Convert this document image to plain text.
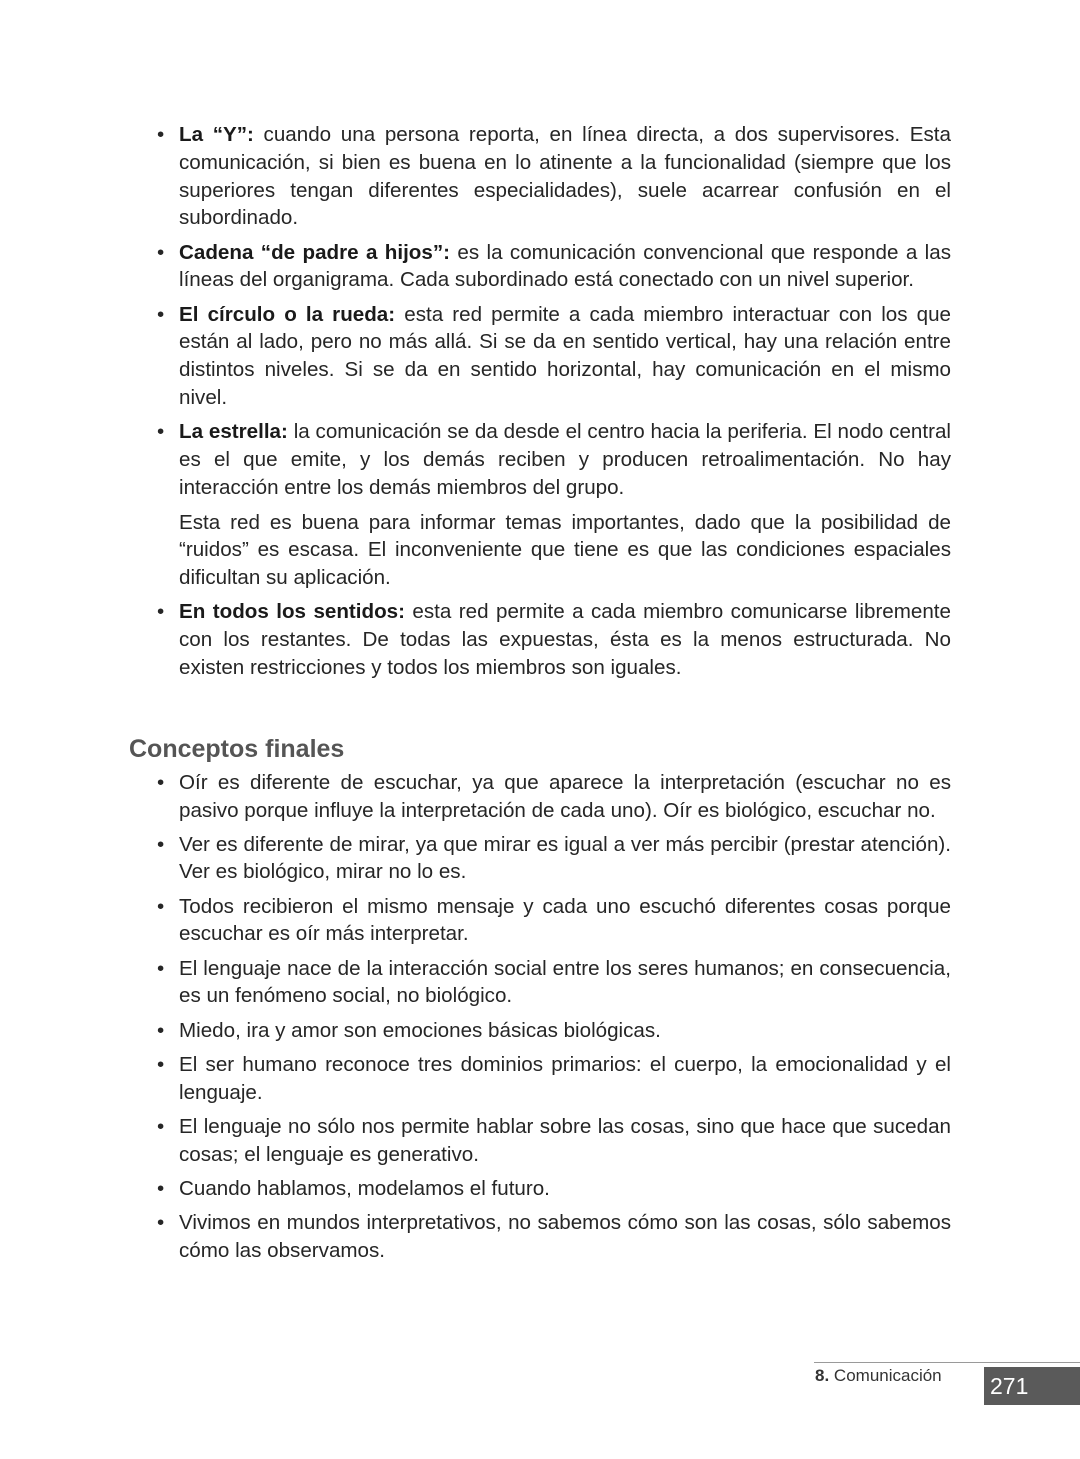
• La “Y”: cuando una persona reporta, en línea directa, a dos supervisores. Esta comunicación, si bien es buena en lo atinente a la funcionalidad (siempre que los superiores tengan diferentes especialidades), suele acarrear confusión en el subordinado.
• Cadena “de padre a hijos”: es la comunicación convencional que responde a las líneas del organigrama. Cada subordinado está conectado con un nivel superior.
• El círculo o la rueda: esta red permite a cada miembro interactuar con los que están al lado, pero no más allá. Si se da en sentido vertical, hay una relación entre distintos niveles. Si se da en sentido horizontal, hay comunicación en el mismo nivel.
• La estrella: la comunicación se da desde el centro hacia la periferia. El nodo central es el que emite, y los demás reciben y producen retroalimentación. No hay interacción entre los demás miembros del grupo.
Esta red es buena para informar temas importantes, dado que la posibilidad de “ruidos” es escasa. El inconveniente que tiene es que las condiciones espaciales dificultan su aplicación.
• En todos los sentidos: esta red permite a cada miembro comunicarse libremente con los restantes. De todas las expuestas, ésta es la menos estructurada. No existen restricciones y todos los miembros son iguales.
Conceptos finales
• Oír es diferente de escuchar, ya que aparece la interpretación (escuchar no es pasivo porque influye la interpretación de cada uno). Oír es biológico, escuchar no.
• Ver es diferente de mirar, ya que mirar es igual a ver más percibir (prestar atención). Ver es biológico, mirar no lo es.
• Todos recibieron el mismo mensaje y cada uno escuchó diferentes cosas porque escuchar es oír más interpretar.
• El lenguaje nace de la interacción social entre los seres humanos; en consecuencia, es un fenómeno social, no biológico.
• Miedo, ira y amor son emociones básicas biológicas.
• El ser humano reconoce tres dominios primarios: el cuerpo, la emocionalidad y el lenguaje.
• El lenguaje no sólo nos permite hablar sobre las cosas, sino que hace que sucedan cosas; el lenguaje es generativo.
• Cuando hablamos, modelamos el futuro.
• Vivimos en mundos interpretativos, no sabemos cómo son las cosas, sólo sabemos cómo las observamos.
8. Comunicación 271
